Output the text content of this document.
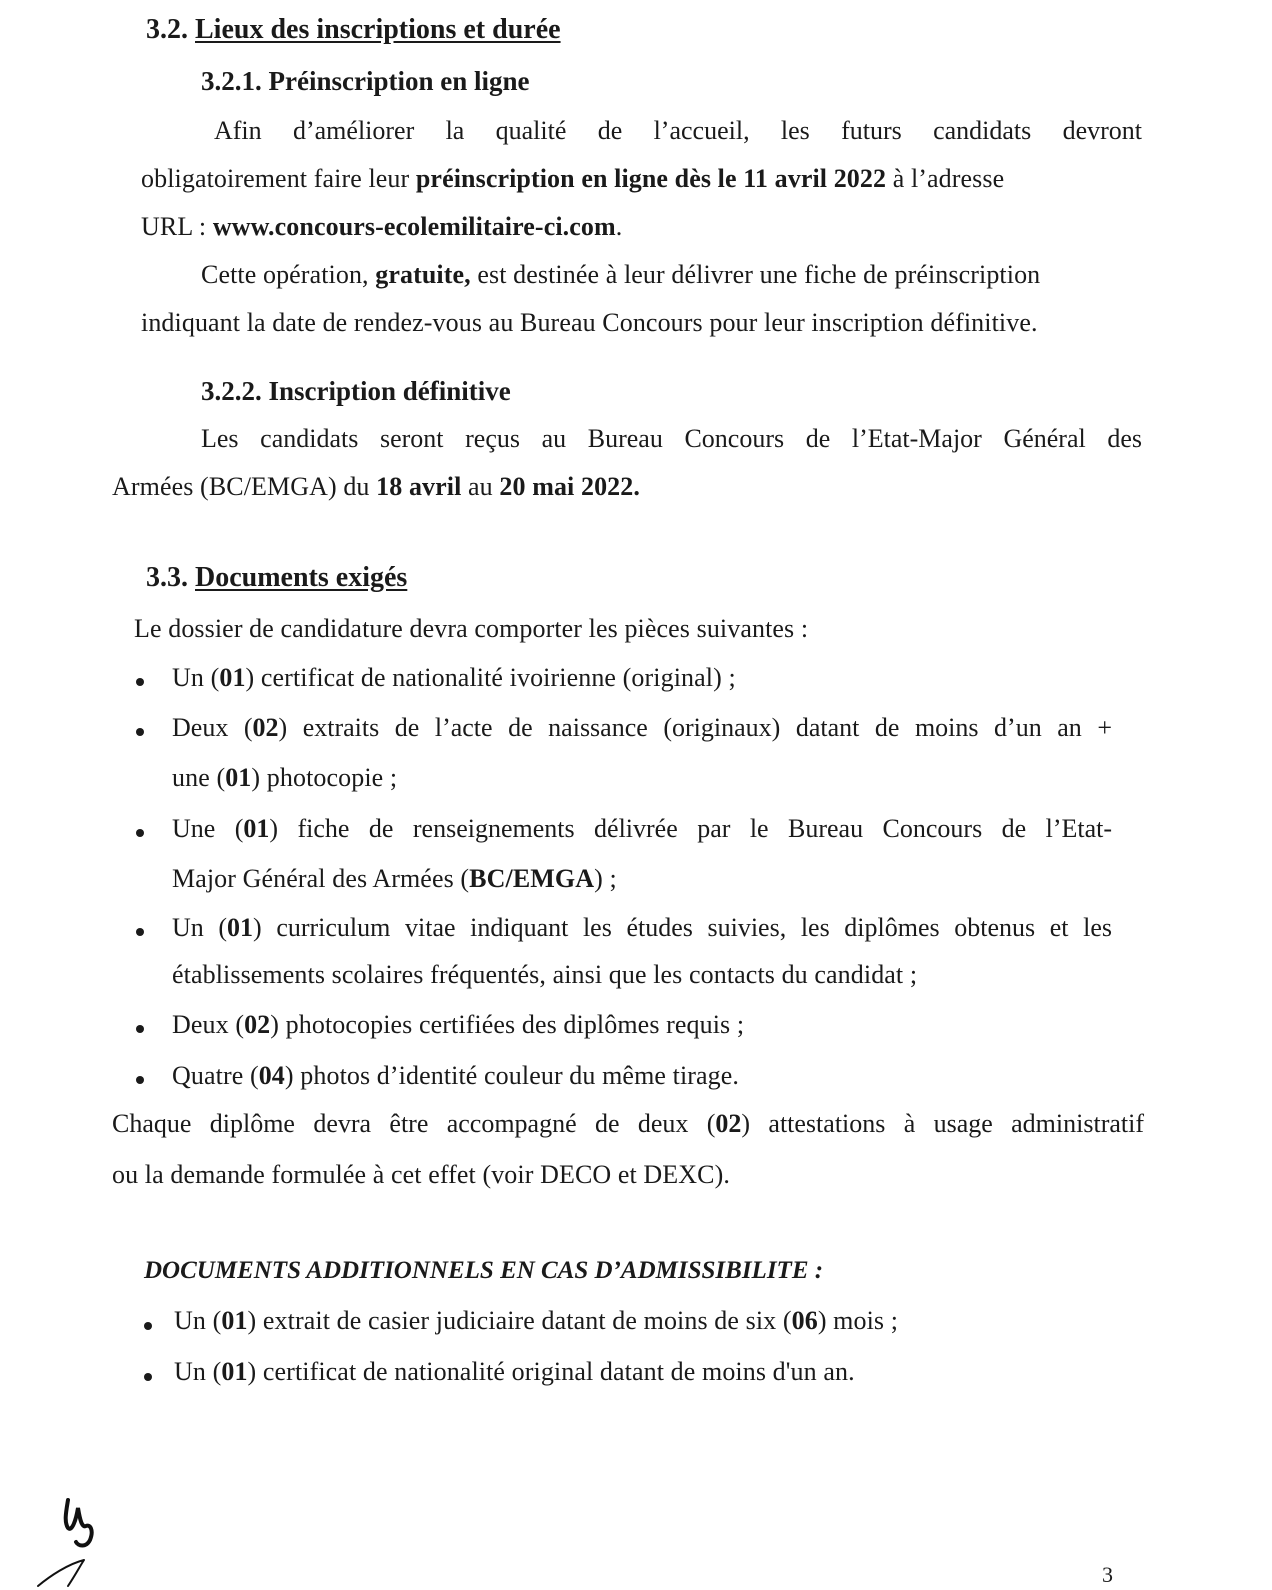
3.2. Lieux des inscriptions et durée
3.2.1. Préinscription en ligne
Afin d’améliorer la qualité de l’accueil, les futurs candidats devront
obligatoirement faire leur préinscription en ligne dès le 11 avril 2022 à l’adresse
URL : www.concours-ecolemilitaire-ci.com.
Cette opération, gratuite, est destinée à leur délivrer une fiche de préinscription
indiquant la date de rendez-vous au Bureau Concours pour leur inscription définitive.
3.2.2. Inscription définitive
Les candidats seront reçus au Bureau Concours de l’Etat-Major Général des
Armées (BC/EMGA) du 18 avril au 20 mai 2022.
3.3. Documents exigés
Le dossier de candidature devra comporter les pièces suivantes :
Un (01) certificat de nationalité ivoirienne (original) ;
Deux (02) extraits de l’acte de naissance (originaux) datant de moins d’un an +
une (01) photocopie ;
Une (01) fiche de renseignements délivrée par le Bureau Concours de l’Etat-
Major Général des Armées (BC/EMGA) ;
Un (01) curriculum vitae indiquant les études suivies, les diplômes obtenus et les
établissements scolaires fréquentés, ainsi que les contacts du candidat ;
Deux (02) photocopies certifiées des diplômes requis ;
Quatre (04) photos d’identité couleur du même tirage.
Chaque diplôme devra être accompagné de deux (02) attestations à usage administratif
ou la demande formulée à cet effet (voir DECO et DEXC).
DOCUMENTS ADDITIONNELS EN CAS D’ADMISSIBILITE :
Un (01) extrait de casier judiciaire datant de moins de six (06) mois ;
Un (01) certificat de nationalité original datant de moins d'un an.
3
